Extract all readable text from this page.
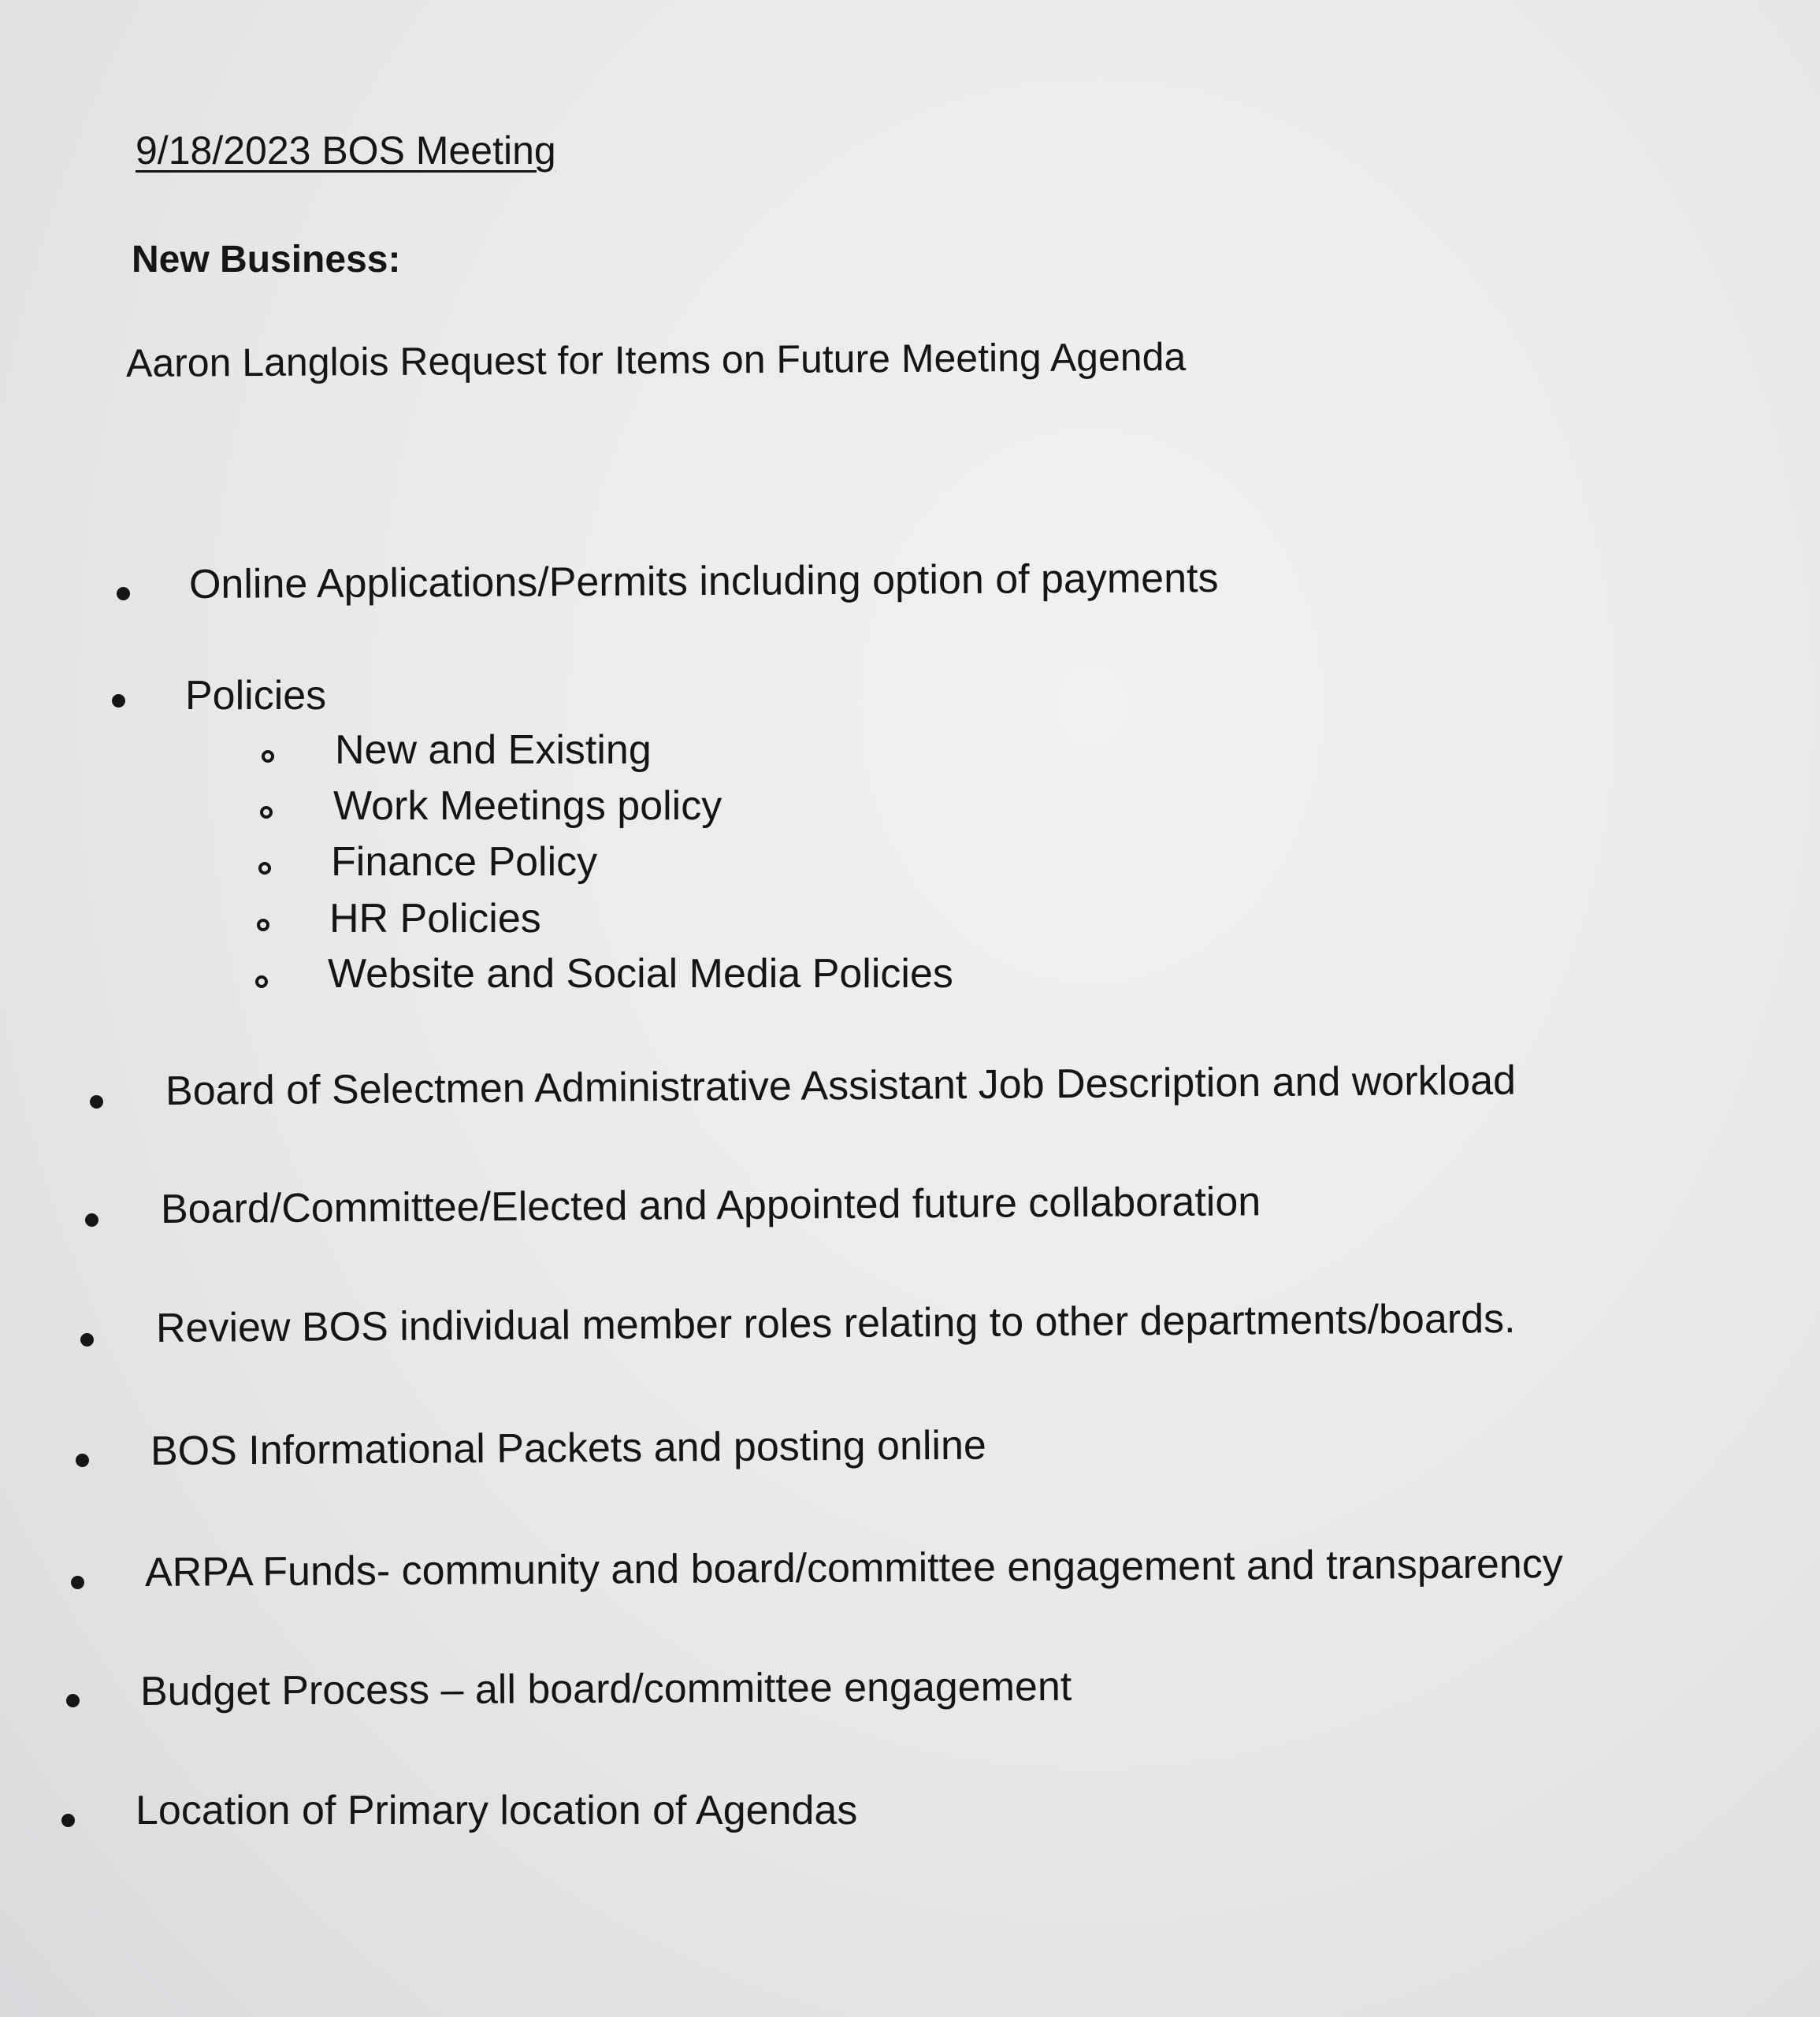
9/18/2023 BOS Meeting
New Business:
Aaron Langlois Request for Items on Future Meeting Agenda
Online Applications/Permits including option of payments
Policies
New and Existing
Work Meetings policy
Finance Policy
HR Policies
Website and Social Media Policies
Board of Selectmen Administrative Assistant Job Description and workload
Board/Committee/Elected and Appointed future collaboration
Review BOS individual member roles relating to other departments/boards.
BOS Informational Packets and posting online
ARPA Funds- community and board/committee engagement and transparency
Budget Process – all board/committee engagement
Location of Primary location of Agendas
